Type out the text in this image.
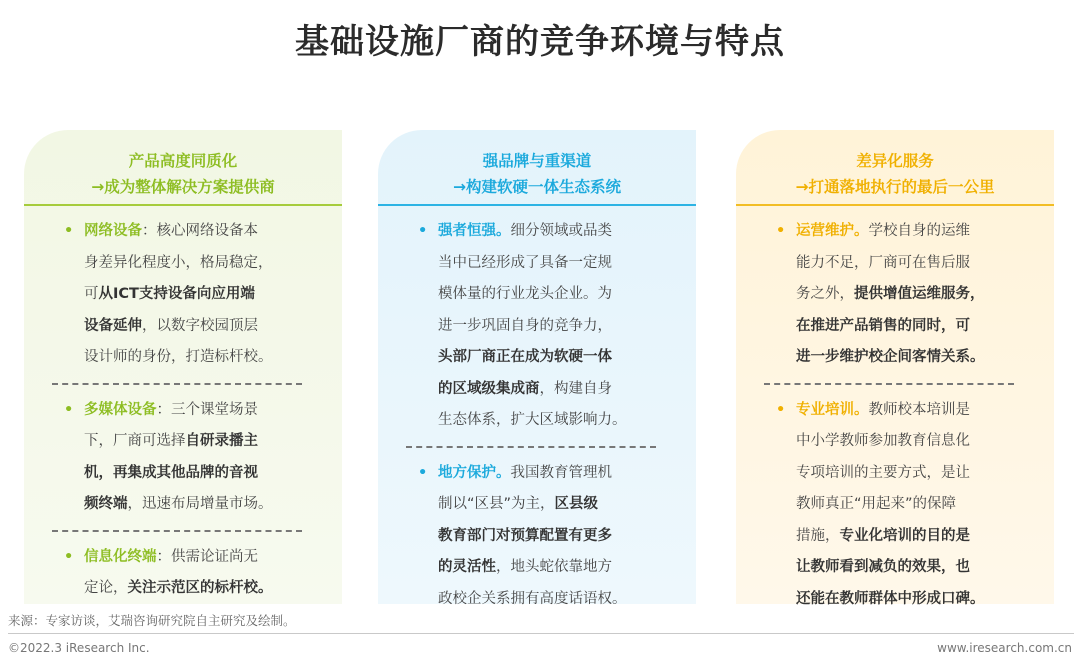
基础设施厂商的竞争环境与特点
产品高度同质化
→成为整体解决方案提供商
• 网络设备：核心网络设备本
身差异化程度小，格局稳定，
可从ICT支持设备向应用端
设备延伸，以数字校园顶层
设计师的身份，打造标杆校。
• 多媒体设备：三个课堂场景
下，厂商可选择自研录播主
机，再集成其他品牌的音视
频终端，迅速布局增量市场。
• 信息化终端：供需论证尚无
定论，关注示范区的标杆校。
强品牌与重渠道
→构建软硬一体生态系统
• 强者恒强。细分领域或品类
当中已经形成了具备一定规
模体量的行业龙头企业。为
进一步巩固自身的竞争力，
头部厂商正在成为软硬一体
的区域级集成商，构建自身
生态体系，扩大区域影响力。
• 地方保护。我国教育管理机
制以“区县”为主，区县级
教育部门对预算配置有更多
的灵活性，地头蛇依靠地方
政校企关系拥有高度话语权。
差异化服务
→打通落地执行的最后一公里
• 运营维护。学校自身的运维
能力不足，厂商可在售后服
务之外，提供增值运维服务，
在推进产品销售的同时，可
进一步维护校企间客情关系。
• 专业培训。教师校本培训是
中小学教师参加教育信息化
专项培训的主要方式，是让
教师真正“用起来”的保障
措施，专业化培训的目的是
让教师看到减负的效果，也
还能在教师群体中形成口碑。
来源：专家访谈，艾瑞咨询研究院自主研究及绘制。
©2022.3 iResearch Inc.	www.iresearch.com.cn
